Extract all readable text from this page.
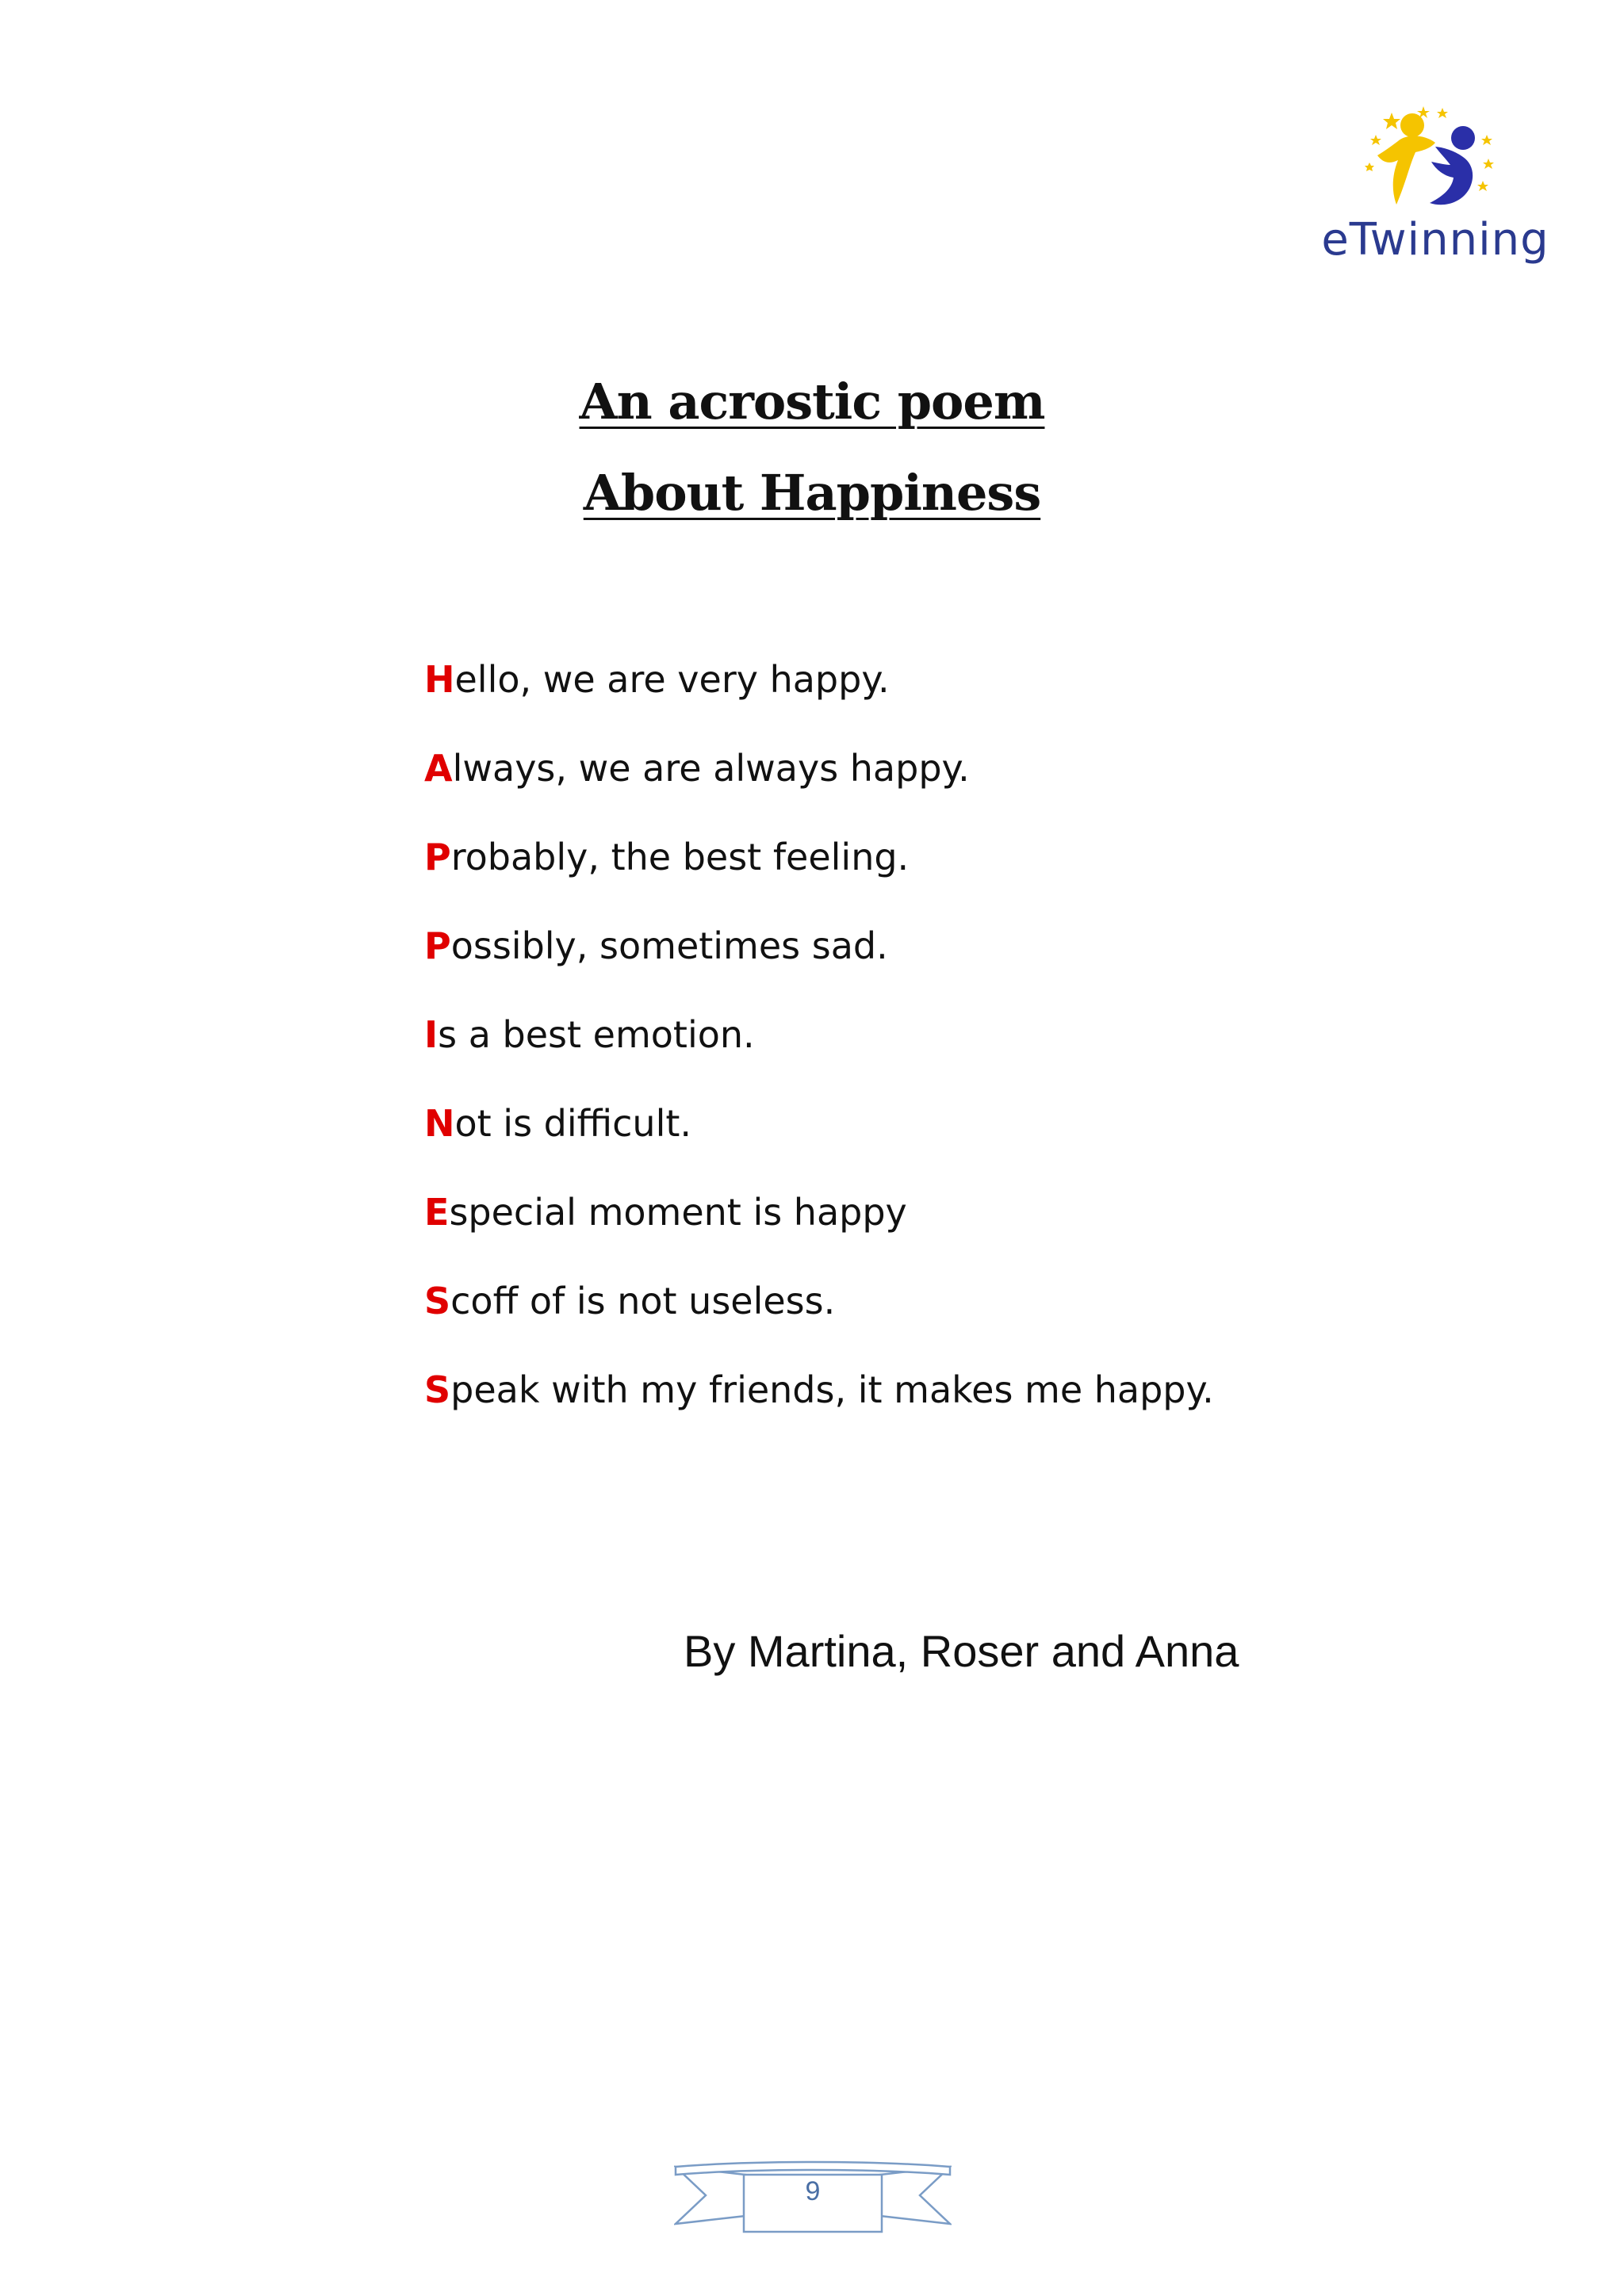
eTwinning
An acrostic poem
About Happiness
Hello, we are very happy.
Always, we are always happy.
Probably, the best feeling.
Possibly, sometimes sad.
Is a best emotion.
Not is difficult.
Especial moment is happy
Scoff of is not useless.
Speak with my friends, it makes me happy.
By Martina, Roser and Anna
9
